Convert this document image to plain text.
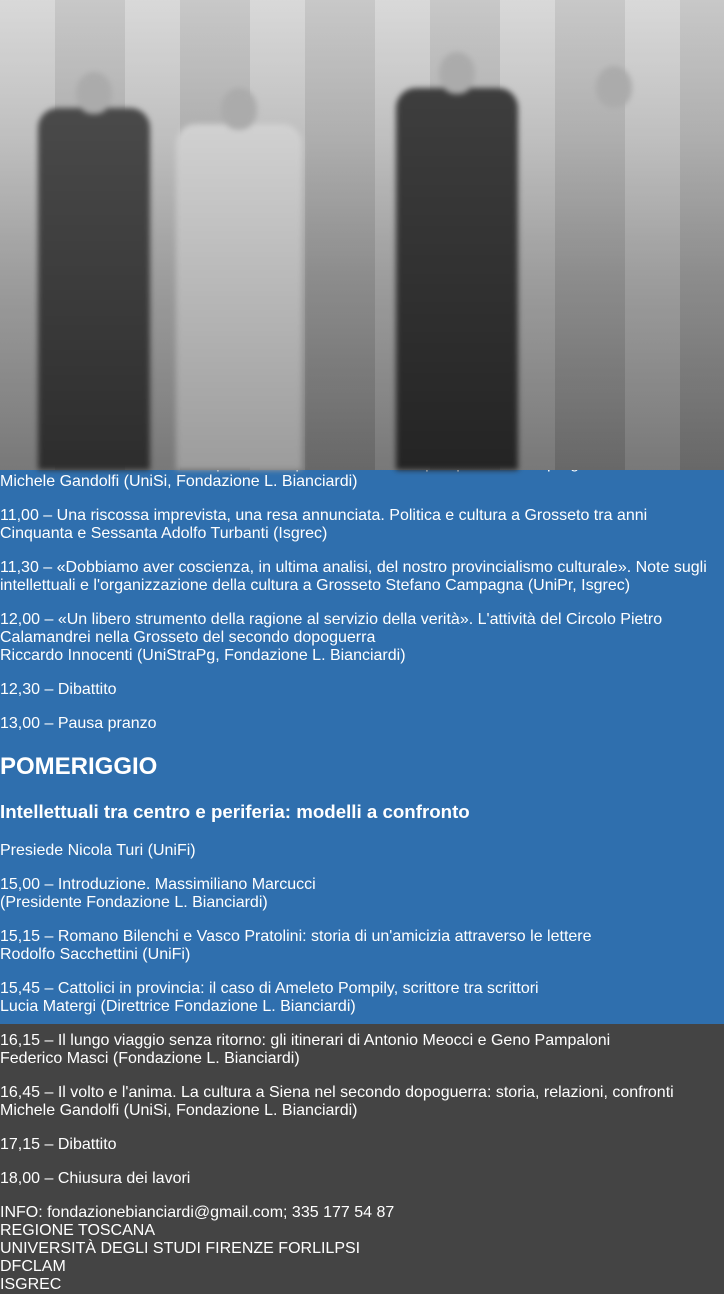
Michele Gandolfi (UniSi, Fondazione L. Bianciardi)

11,00 – Una riscossa imprevista, una resa annunciata. Politica e cultura a Grosseto tra anni Cinquanta e Sessanta Adolfo Turbanti (Isgrec)

11,30 – «Dobbiamo aver coscienza, in ultima analisi, del nostro provincialismo culturale». Note sugli intellettuali e l'organizzazione della cultura a Grosseto Stefano Campagna (UniPr, Isgrec)

12,00 – «Un libero strumento della ragione al servizio della verità». L'attività del Circolo Pietro Calamandrei nella Grosseto del secondo dopoguerra
Riccardo Innocenti (UniStraPg, Fondazione L. Bianciardi)

12,30 – Dibattito

13,00 – Pausa pranzo

POMERIGGIO
Intellettuali tra centro e periferia: modelli a confronto
Presiede Nicola Turi (UniFi)

15,00 – Introduzione. Massimiliano Marcucci
(Presidente Fondazione L. Bianciardi)

15,15 – Romano Bilenchi e Vasco Pratolini: storia di un'amicizia attraverso le lettere
Rodolfo Sacchettini (UniFi)

15,45 – Cattolici in provincia: il caso di Ameleto Pompily, scrittore tra scrittori
Lucia Matergi (Direttrice Fondazione L. Bianciardi)

16,15 – Il lungo viaggio senza ritorno: gli itinerari di Antonio Meocci e Geno Pampaloni
Federico Masci (Fondazione L. Bianciardi)

16,45 – Il volto e l'anima. La cultura a Siena nel secondo dopoguerra: storia, relazioni, confronti
Michele Gandolfi (UniSi, Fondazione L. Bianciardi)

17,15 – Dibattito

18,00 – Chiusura dei lavori

INFO: fondazionebianciardi@gmail.com; 335 177 54 87
REGIONE TOSCANA
UNIVERSITÀ DEGLI STUDI FIRENZE FORLILPSI
DFCLAM
ISGREC
